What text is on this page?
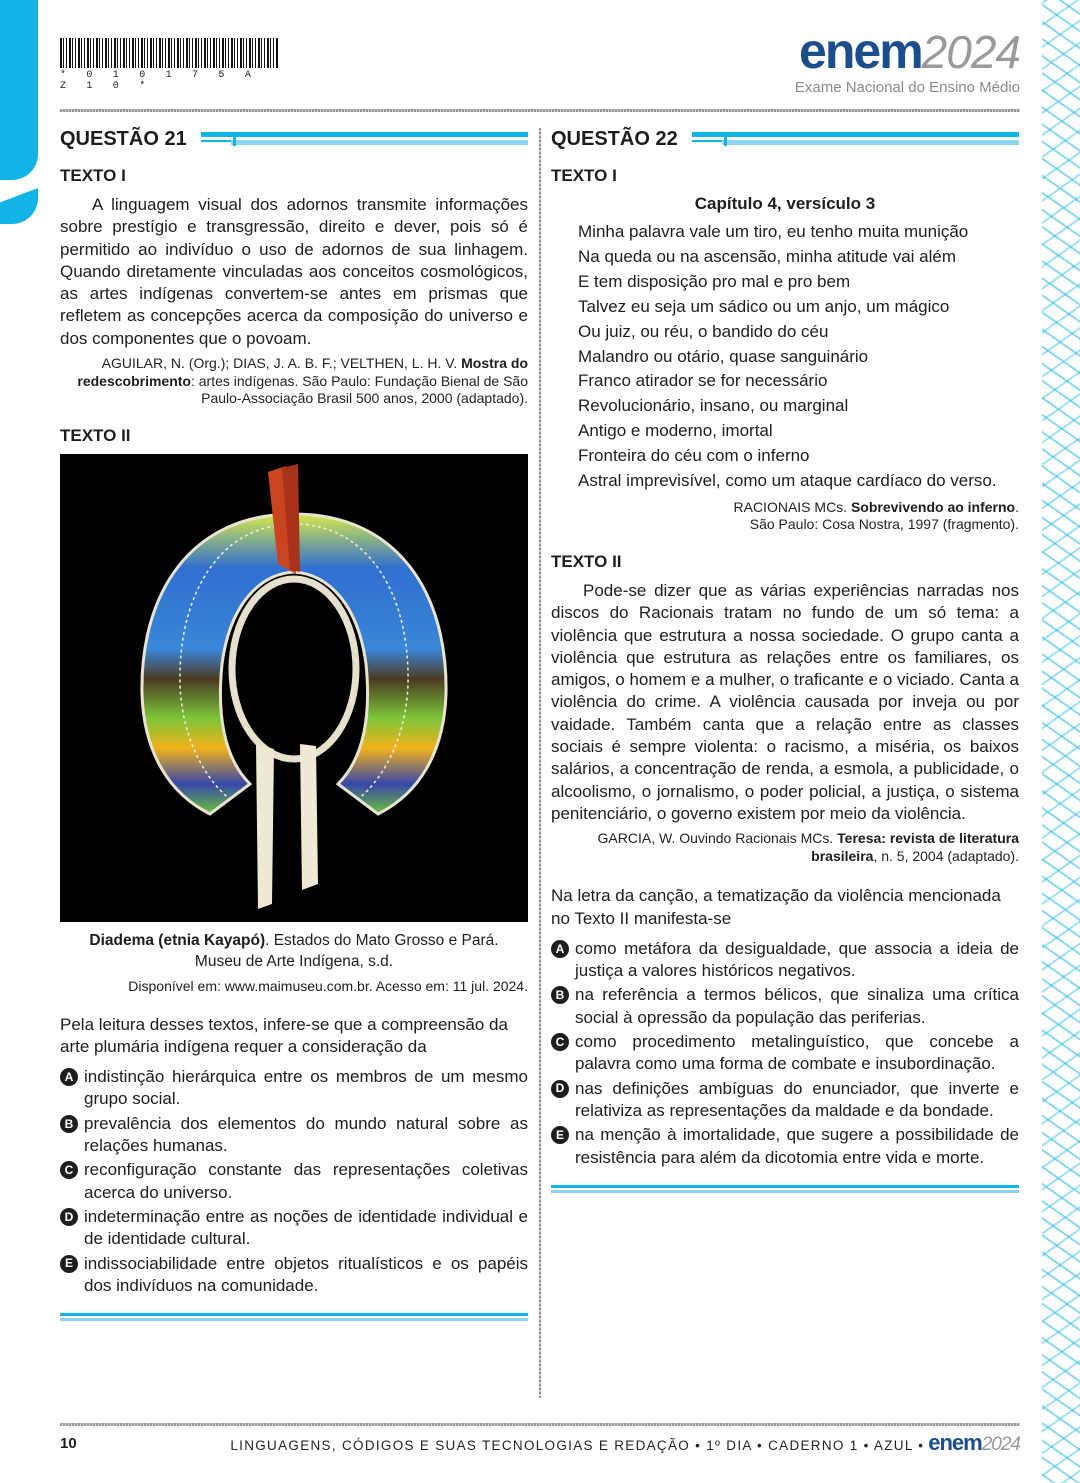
* 0 1 0 1 7 5 A Z 1 0 *
enem2024
Exame Nacional do Ensino Médio
QUESTÃO 21
TEXTO I

A linguagem visual dos adornos transmite informações sobre prestígio e transgressão, direito e dever, pois só é permitido ao indivíduo o uso de adornos de sua linhagem. Quando diretamente vinculadas aos conceitos cosmológicos, as artes indígenas convertem-se antes em prismas que refletem as concepções acerca da composição do universo e dos componentes que o povoam.

AGUILAR, N. (Org.); DIAS, J. A. B. F.; VELTHEN, L. H. V. Mostra do redescobrimento: artes indígenas. São Paulo: Fundação Bienal de São Paulo-Associação Brasil 500 anos, 2000 (adaptado).

TEXTO II
Diadema (etnia Kayapó). Estados do Mato Grosso e Pará.
Museu de Arte Indígena, s.d.
Disponível em: www.maimuseu.com.br. Acesso em: 11 jul. 2024.

Pela leitura desses textos, infere-se que a compreensão da arte plumária indígena requer a consideração da

A indistinção hierárquica entre os membros de um mesmo grupo social.
B prevalência dos elementos do mundo natural sobre as relações humanas.
C reconfiguração constante das representações coletivas acerca do universo.
D indeterminação entre as noções de identidade individual e de identidade cultural.
E indissociabilidade entre objetos ritualísticos e os papéis dos indivíduos na comunidade.
QUESTÃO 22
TEXTO I
Capítulo 4, versículo 3
Minha palavra vale um tiro, eu tenho muita munição
Na queda ou na ascensão, minha atitude vai além
E tem disposição pro mal e pro bem
Talvez eu seja um sádico ou um anjo, um mágico
Ou juiz, ou réu, o bandido do céu
Malandro ou otário, quase sanguinário
Franco atirador se for necessário
Revolucionário, insano, ou marginal
Antigo e moderno, imortal
Fronteira do céu com o inferno
Astral imprevisível, como um ataque cardíaco do verso.

RACIONAIS MCs. Sobrevivendo ao inferno.
São Paulo: Cosa Nostra, 1997 (fragmento).

TEXTO II

Pode-se dizer que as várias experiências narradas nos discos do Racionais tratam no fundo de um só tema: a violência que estrutura a nossa sociedade. O grupo canta a violência que estrutura as relações entre os familiares, os amigos, o homem e a mulher, o traficante e o viciado. Canta a violência do crime. A violência causada por inveja ou por vaidade. Também canta que a relação entre as classes sociais é sempre violenta: o racismo, a miséria, os baixos salários, a concentração de renda, a esmola, a publicidade, o alcoolismo, o jornalismo, o poder policial, a justiça, o sistema penitenciário, o governo existem por meio da violência.

GARCIA, W. Ouvindo Racionais MCs. Teresa: revista de literatura brasileira, n. 5, 2004 (adaptado).

Na letra da canção, a tematização da violência mencionada no Texto II manifesta-se

A como metáfora da desigualdade, que associa a ideia de justiça a valores históricos negativos.
B na referência a termos bélicos, que sinaliza uma crítica social à opressão da população das periferias.
C como procedimento metalinguístico, que concebe a palavra como uma forma de combate e insubordinação.
D nas definições ambíguas do enunciador, que inverte e relativiza as representações da maldade e da bondade.
E na menção à imortalidade, que sugere a possibilidade de resistência para além da dicotomia entre vida e morte.
10	LINGUAGENS, CÓDIGOS E SUAS TECNOLOGIAS E REDAÇÃO • 1º DIA • CADERNO 1 • AZUL • enem2024
